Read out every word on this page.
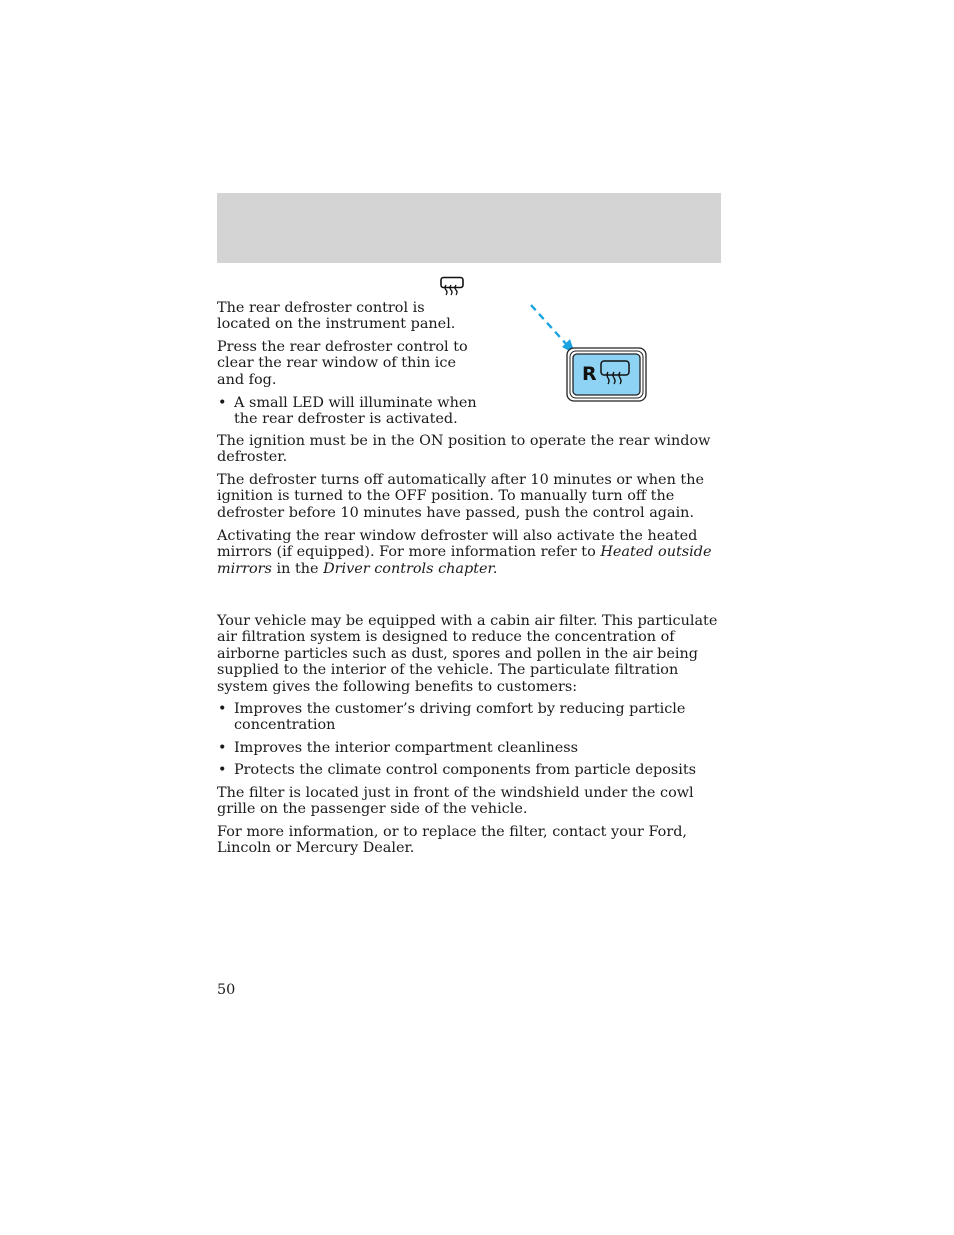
The rear defroster control is located on the instrument panel.

Press the rear defroster control to clear the rear window of thin ice and fog.

• A small LED will illuminate when the rear defroster is activated.
R

The ignition must be in the ON position to operate the rear window defroster.

The defroster turns off automatically after 10 minutes or when the ignition is turned to the OFF position. To manually turn off the defroster before 10 minutes have passed, push the control again.

Activating the rear window defroster will also activate the heated mirrors (if equipped). For more information refer to Heated outside mirrors in the Driver controls chapter.

Your vehicle may be equipped with a cabin air filter. This particulate air filtration system is designed to reduce the concentration of airborne particles such as dust, spores and pollen in the air being supplied to the interior of the vehicle. The particulate filtration system gives the following benefits to customers:

• Improves the customer’s driving comfort by reducing particle concentration
• Improves the interior compartment cleanliness
• Protects the climate control components from particle deposits

The filter is located just in front of the windshield under the cowl grille on the passenger side of the vehicle.

For more information, or to replace the filter, contact your Ford, Lincoln or Mercury Dealer.

50
